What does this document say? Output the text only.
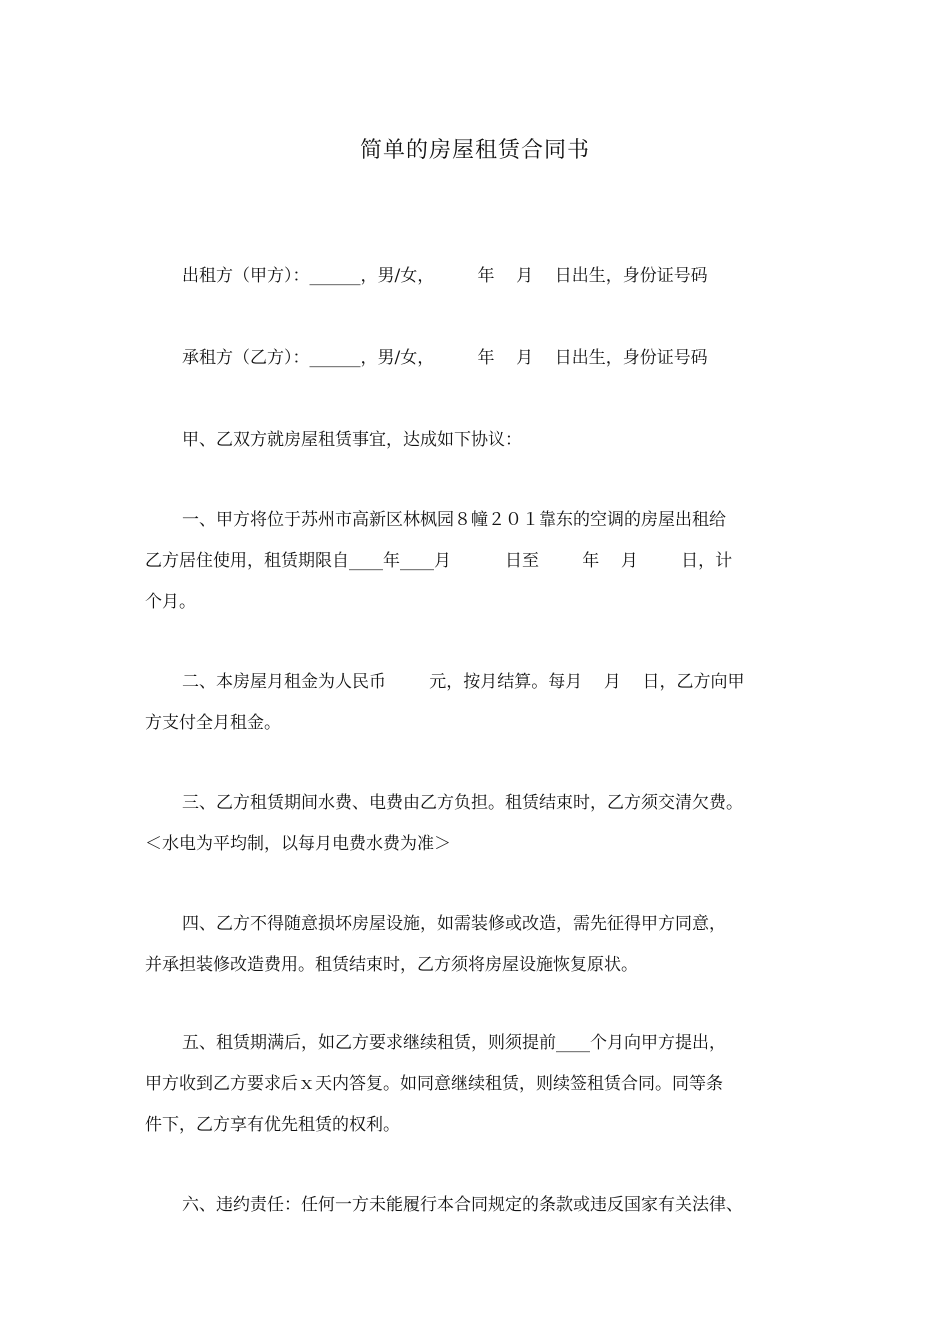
简单的房屋租赁合同书
出租方（甲方）：______，男/女，        年    月    日出生，身份证号码
承租方（乙方）：______，男/女，        年    月    日出生，身份证号码
甲、乙双方就房屋租赁事宜，达成如下协议：
一、甲方将位于苏州市高新区林枫园８幢２０１靠东的空调的房屋出租给
乙方居住使用，租赁期限自____年____月          日至        年    月        日，计
个月。
二、本房屋月租金为人民币        元，按月结算。每月    月    日，乙方向甲
方支付全月租金。
三、乙方租赁期间水费、电费由乙方负担。租赁结束时，乙方须交清欠费。
＜水电为平均制，以每月电费水费为准＞
四、乙方不得随意损坏房屋设施，如需装修或改造，需先征得甲方同意，
并承担装修改造费用。租赁结束时，乙方须将房屋设施恢复原状。
五、租赁期满后，如乙方要求继续租赁，则须提前____个月向甲方提出，
甲方收到乙方要求后ｘ天内答复。如同意继续租赁，则续签租赁合同。同等条
件下，乙方享有优先租赁的权利。
六、违约责任：任何一方未能履行本合同规定的条款或违反国家有关法律、
